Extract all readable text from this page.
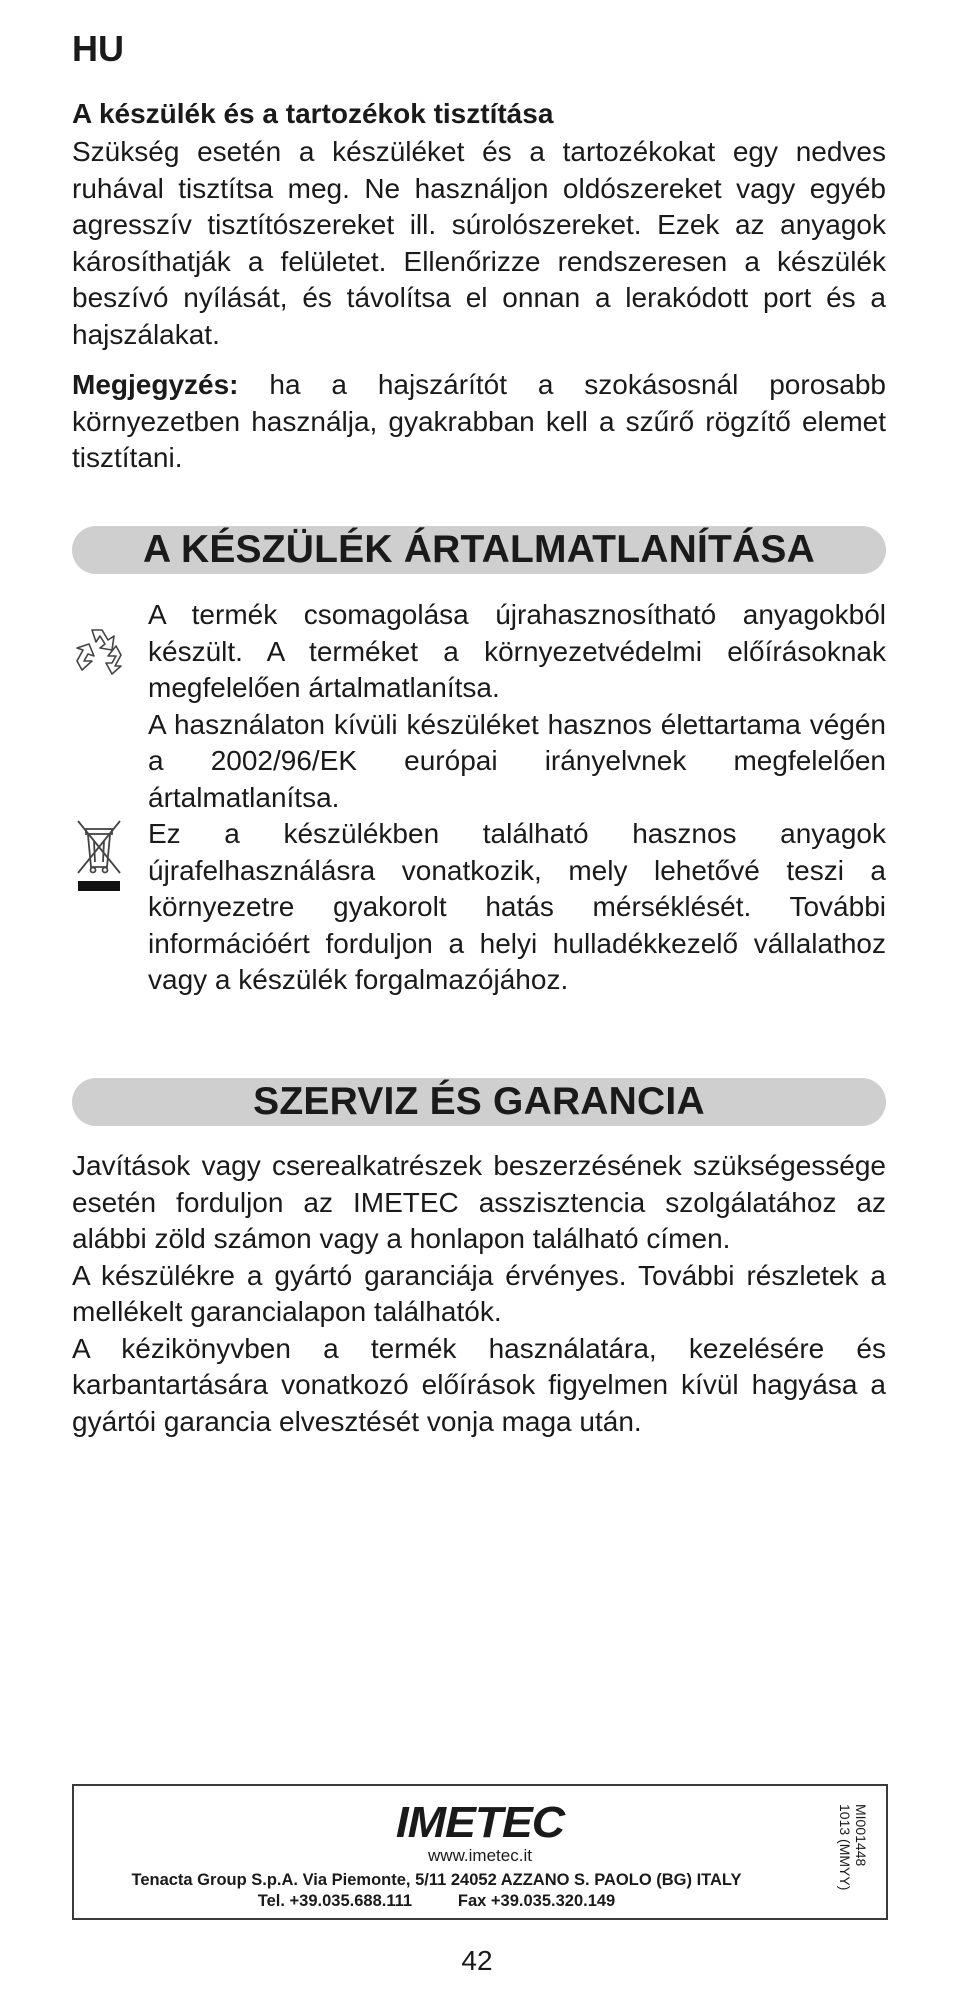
HU
A készülék és a tartozékok tisztítása

Szükség esetén a készüléket és a tartozékokat egy nedves ruhával tisztítsa meg. Ne használjon oldószereket vagy egyéb agresszív tisztítószereket ill. súrolószereket. Ezek az anyagok károsíthatják a felületet. Ellenőrizze rendszeresen a készülék beszívó nyílását, és távolítsa el onnan a lerakódott port és a hajszálakat.

Megjegyzés: ha a hajszárítót a szokásosnál porosabb környezetben használja, gyakrabban kell a szűrő rögzítő elemet tisztítani.

A KÉSZÜLÉK ÁRTALMATLANÍTÁSA

A termék csomagolása újrahasznosítható anyagokból készült. A terméket a környezetvédelmi előírásoknak megfelelően ártalmatlanítsa.

A használaton kívüli készüléket hasznos élettartama végén a 2002/96/EK európai irányelvnek megfelelően ártalmatlanítsa.

Ez a készülékben található hasznos anyagok újrafelhasználásra vonatkozik, mely lehetővé teszi a környezetre gyakorolt hatás mérséklését. További információért forduljon a helyi hulladékkezelő vállalathoz vagy a készülék forgalmazójához.

SZERVIZ ÉS GARANCIA

Javítások vagy cserealkatrészek beszerzésének szükségessége esetén forduljon az IMETEC asszisztencia szolgálatához az alábbi zöld számon vagy a honlapon található címen.

A készülékre a gyártó garanciája érvényes. További részletek a mellékelt garancialapon találhatók.

A kézikönyvben a termék használatára, kezelésére és karbantartására vonatkozó előírások figyelmen kívül hagyása a gyártói garancia elvesztését vonja maga után.

IMETEC
www.imetec.it
Tenacta Group S.p.A. Via Piemonte, 5/11 24052 AZZANO S. PAOLO (BG) ITALY
Tel. +39.035.688.111	Fax +39.035.320.149
MI001448
1013 (MMYY)
42
